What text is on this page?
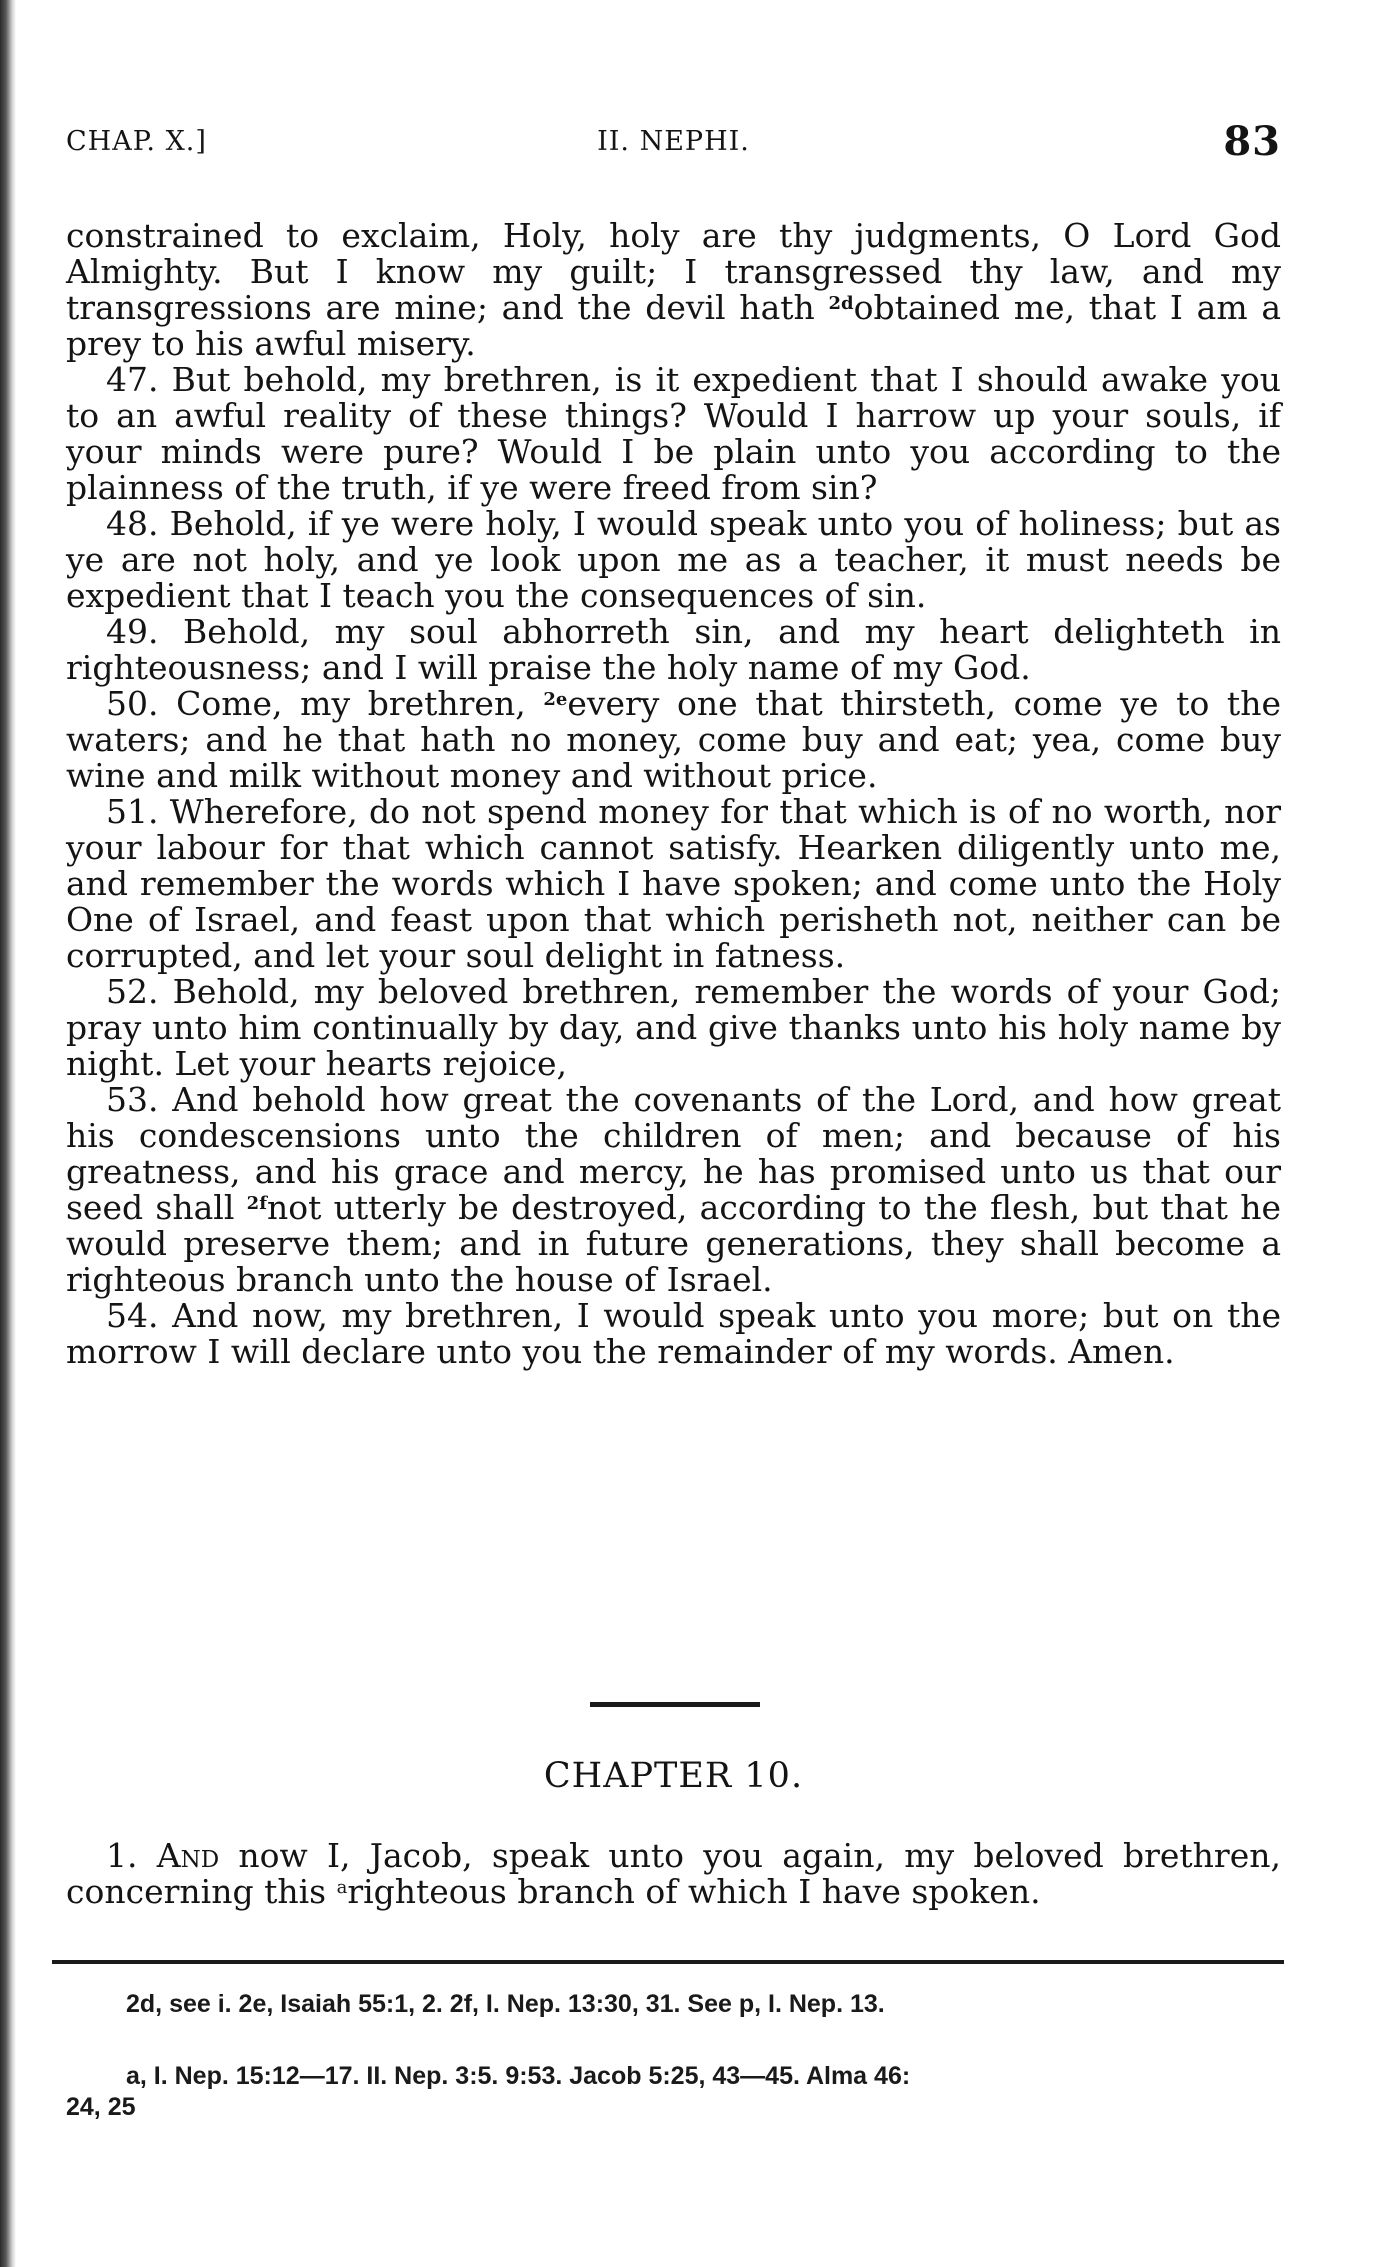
CHAP. X.]	II. NEPHI.	83

constrained to exclaim, Holy, holy are thy judgments, O Lord God Almighty. But I know my guilt; I transgressed thy law, and my transgressions are mine; and the devil hath $^{2d}$obtained me, that I am a prey to his awful misery.

47. But behold, my brethren, is it expedient that I should awake you to an awful reality of these things? Would I harrow up your souls, if your minds were pure? Would I be plain unto you according to the plainness of the truth, if ye were freed from sin?

48. Behold, if ye were holy, I would speak unto you of holiness; but as ye are not holy, and ye look upon me as a teacher, it must needs be expedient that I teach you the consequences of sin.

49. Behold, my soul abhorreth sin, and my heart delighteth in righteousness; and I will praise the holy name of my God.

50. Come, my brethren, $^{2e}$every one that thirsteth, come ye to the waters; and he that hath no money, come buy and eat; yea, come buy wine and milk without money and without price.

51. Wherefore, do not spend money for that which is of no worth, nor your labour for that which cannot satisfy. Hearken diligently unto me, and remember the words which I have spoken; and come unto the Holy One of Israel, and feast upon that which perisheth not, neither can be corrupted, and let your soul delight in fatness.

52. Behold, my beloved brethren, remember the words of your God; pray unto him continually by day, and give thanks unto his holy name by night. Let your hearts rejoice,

53. And behold how great the covenants of the Lord, and how great his condescensions unto the children of men; and because of his greatness, and his grace and mercy, he has promised unto us that our seed shall $^{2f}$not utterly be destroyed, according to the flesh, but that he would preserve them; and in future generations, they shall become a righteous branch unto the house of Israel.

54. And now, my brethren, I would speak unto you more; but on the morrow I will declare unto you the remainder of my words. Amen.

CHAPTER 10.

1. And now I, Jacob, speak unto you again, my beloved brethren, concerning this $^a$righteous branch of which I have spoken.

2d, see i. 2e, Isaiah 55:1, 2. 2f, I. Nep. 13:30, 31. See p, I. Nep. 13.
a, I. Nep. 15:12—17. II. Nep. 3:5. 9:53. Jacob 5:25, 43—45. Alma 46:
24, 25
